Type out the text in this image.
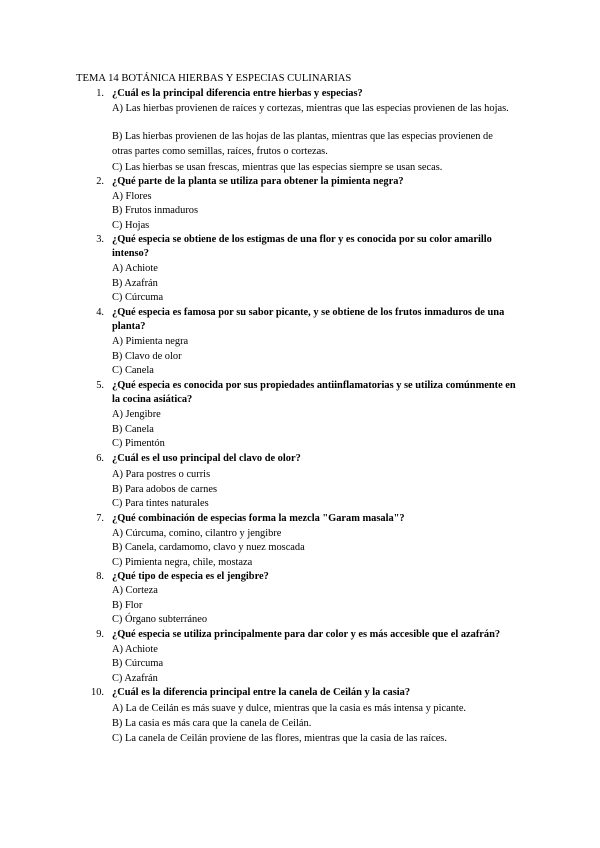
TEMA 14 BOTÁNICA HIERBAS Y ESPECIAS CULINARIAS
1. ¿Cuál es la principal diferencia entre hierbas y especias?
A) Las hierbas provienen de raíces y cortezas, mientras que las especias provienen de las hojas.
B) Las hierbas provienen de las hojas de las plantas, mientras que las especias provienen de otras partes como semillas, raíces, frutos o cortezas.
C) Las hierbas se usan frescas, mientras que las especias siempre se usan secas.
2. ¿Qué parte de la planta se utiliza para obtener la pimienta negra?
A) Flores
B) Frutos inmaduros
C) Hojas
3. ¿Qué especia se obtiene de los estigmas de una flor y es conocida por su color amarillo intenso?
A) Achiote
B) Azafrán
C) Cúrcuma
4. ¿Qué especia es famosa por su sabor picante, y se obtiene de los frutos inmaduros de una planta?
A) Pimienta negra
B) Clavo de olor
C) Canela
5. ¿Qué especia es conocida por sus propiedades antiinflamatorias y se utiliza comúnmente en la cocina asiática?
A) Jengibre
B) Canela
C) Pimentón
6. ¿Cuál es el uso principal del clavo de olor?
A) Para postres o curris
B) Para adobos de carnes
C) Para tintes naturales
7. ¿Qué combinación de especias forma la mezcla "Garam masala"?
A) Cúrcuma, comino, cilantro y jengibre
B) Canela, cardamomo, clavo y nuez moscada
C) Pimienta negra, chile, mostaza
8. ¿Qué tipo de especia es el jengibre?
A) Corteza
B) Flor
C) Órgano subterráneo
9. ¿Qué especia se utiliza principalmente para dar color y es más accesible que el azafrán?
A) Achiote
B) Cúrcuma
C) Azafrán
10. ¿Cuál es la diferencia principal entre la canela de Ceilán y la casia?
A) La de Ceilán es más suave y dulce, mientras que la casia es más intensa y picante.
B) La casia es más cara que la canela de Ceilán.
C) La canela de Ceilán proviene de las flores, mientras que la casia de las raíces.
